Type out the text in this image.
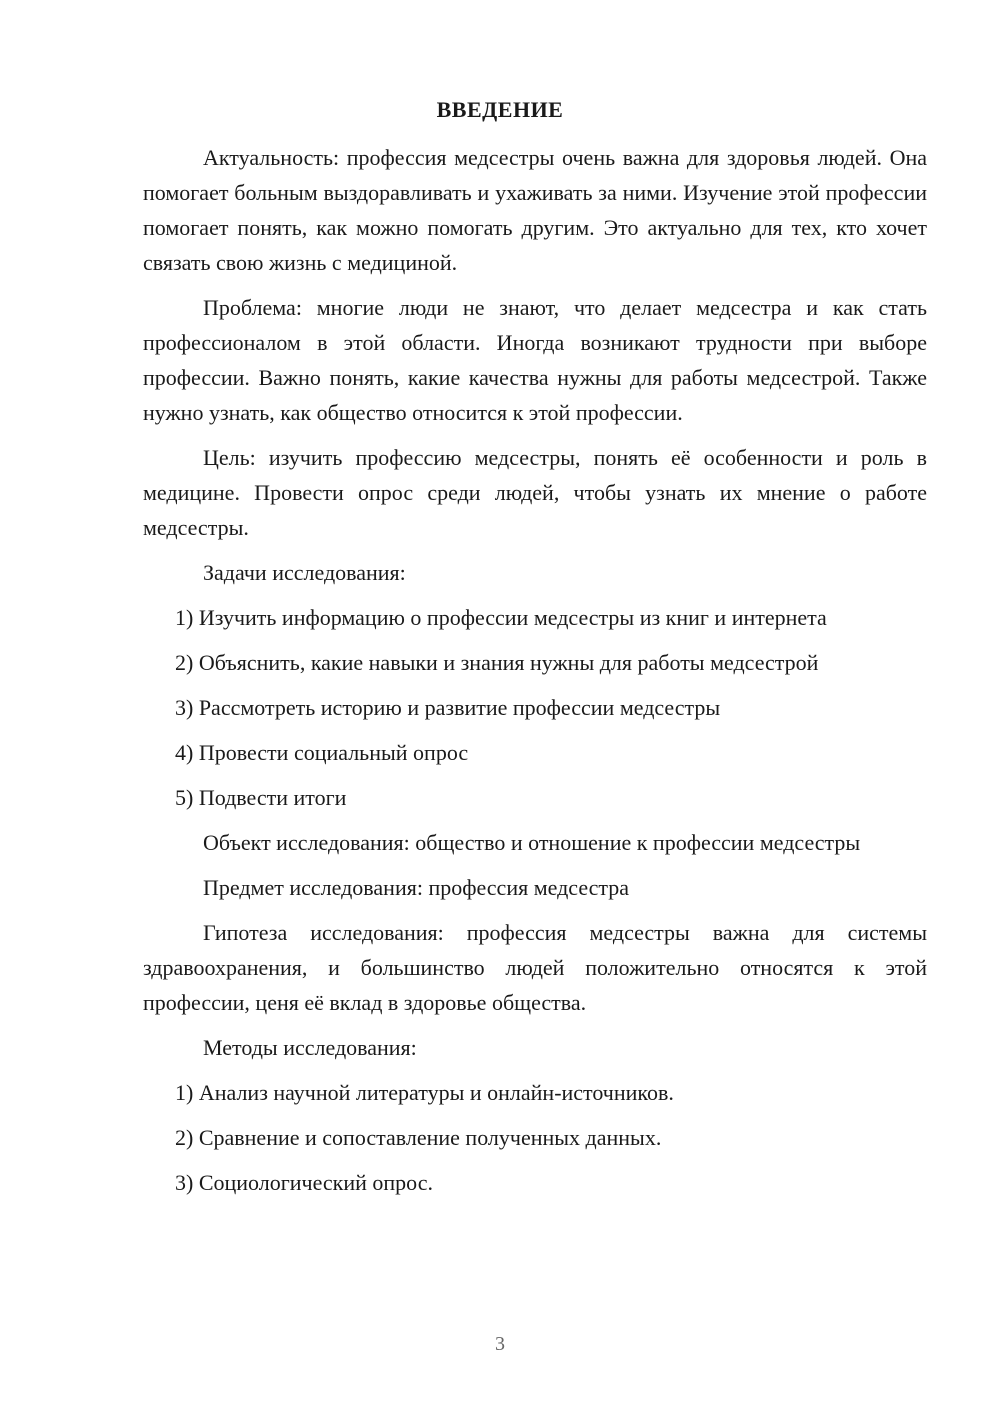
ВВЕДЕНИЕ

Актуальность: профессия медсестры очень важна для здоровья людей. Она помогает больным выздоравливать и ухаживать за ними. Изучение этой профессии помогает понять, как можно помогать другим. Это актуально для тех, кто хочет связать свою жизнь с медициной.

Проблема: многие люди не знают, что делает медсестра и как стать профессионалом в этой области. Иногда возникают трудности при выборе профессии. Важно понять, какие качества нужны для работы медсестрой. Также нужно узнать, как общество относится к этой профессии.

Цель: изучить профессию медсестры, понять её особенности и роль в медицине. Провести опрос среди людей, чтобы узнать их мнение о работе медсестры.

Задачи исследования:

1) Изучить информацию о профессии медсестры из книг и интернета
2) Объяснить, какие навыки и знания нужны для работы медсестрой
3) Рассмотреть историю и развитие профессии медсестры
4) Провести социальный опрос
5) Подвести итоги

Объект исследования: общество и отношение к профессии медсестры

Предмет исследования: профессия медсестра

Гипотеза исследования: профессия медсестры важна для системы здравоохранения, и большинство людей положительно относятся к этой профессии, ценя её вклад в здоровье общества.

Методы исследования:

1) Анализ научной литературы и онлайн-источников.
2) Сравнение и сопоставление полученных данных.
3) Социологический опрос.
3
